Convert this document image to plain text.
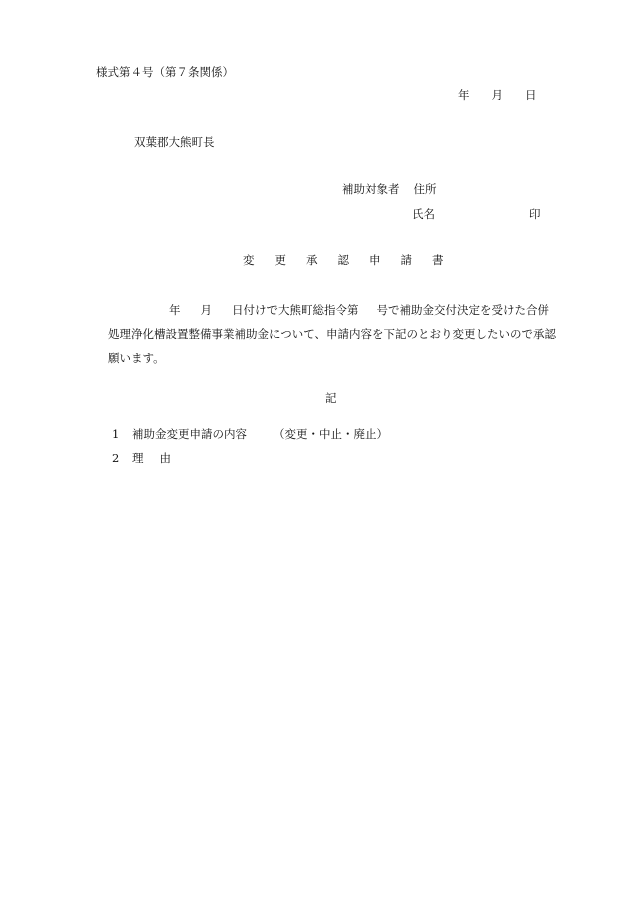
様式第４号（第７条関係）
年 月 日
双葉郡大熊町長
補助対象者 住所
氏名	印
変 更 承 認 申 請 書
年 月 日付けで大熊町総指令第 号で補助金交付決定を受けた合併
処理浄化槽設置整備事業補助金について、申請内容を下記のとおり変更したいので承認
願います。
記
1 補助金変更申請の内容 （変更・中止・廃止）
2 理 由
